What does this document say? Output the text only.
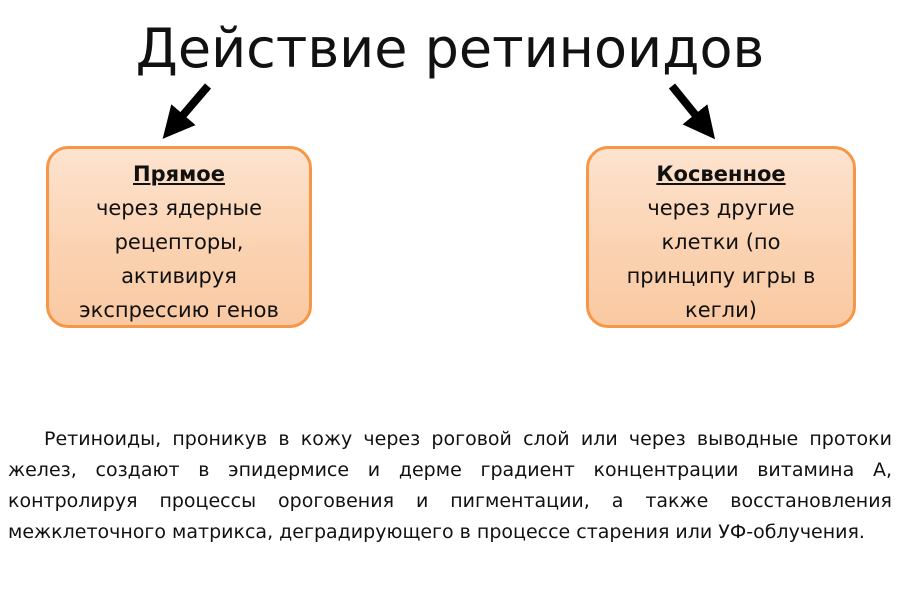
Действие ретиноидов
Прямое
через ядерные
рецепторы,
активируя
экспрессию генов
Косвенное
через другие
клетки (по
принципу игры в
кегли)
Ретиноиды, проникув в кожу через роговой слой или через выводные протоки желез, создают в эпидермисе и дерме градиент концентрации витамина А, контролируя процессы ороговения и пигментации, а также восстановления межклеточного матрикса, деградирующего в процессе старения или УФ-облучения.
